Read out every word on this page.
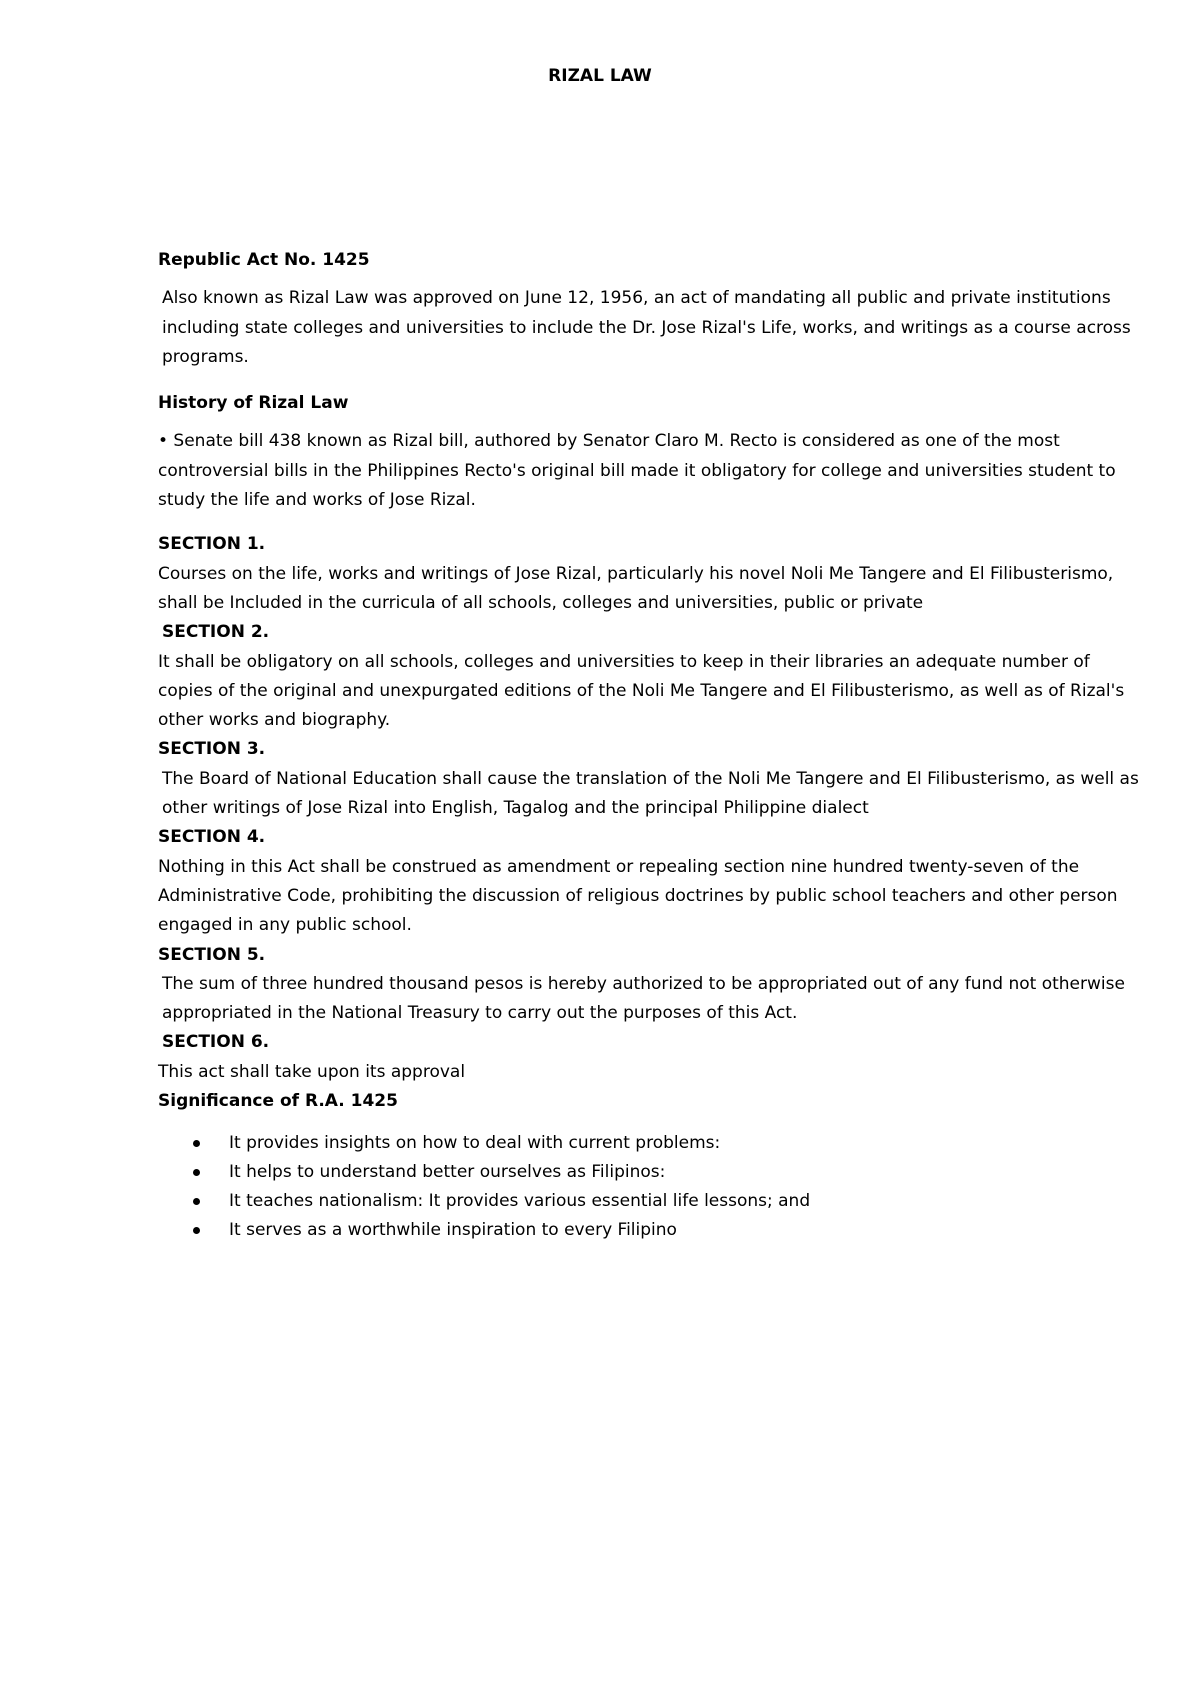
RIZAL LAW

Republic Act No. 1425

Also known as Rizal Law was approved on June 12, 1956, an act of mandating all public and private institutions including state colleges and universities to include the Dr. Jose Rizal's Life, works, and writings as a course across programs.

History of Rizal Law

• Senate bill 438 known as Rizal bill, authored by Senator Claro M. Recto is considered as one of the most controversial bills in the Philippines Recto's original bill made it obligatory for college and universities student to study the life and works of Jose Rizal.

SECTION 1.

Courses on the life, works and writings of Jose Rizal, particularly his novel Noli Me Tangere and El Filibusterismo, shall be Included in the curricula of all schools, colleges and universities, public or private

SECTION 2.

It shall be obligatory on all schools, colleges and universities to keep in their libraries an adequate number of copies of the original and unexpurgated editions of the Noli Me Tangere and El Filibusterismo, as well as of Rizal's other works and biography.

SECTION 3.

The Board of National Education shall cause the translation of the Noli Me Tangere and El Filibusterismo, as well as other writings of Jose Rizal into English, Tagalog and the principal Philippine dialect

SECTION 4.

Nothing in this Act shall be construed as amendment or repealing section nine hundred twenty-seven of the Administrative Code, prohibiting the discussion of religious doctrines by public school teachers and other person engaged in any public school.

SECTION 5.

The sum of three hundred thousand pesos is hereby authorized to be appropriated out of any fund not otherwise appropriated in the National Treasury to carry out the purposes of this Act.

SECTION 6.

This act shall take upon its approval

Significance of R.A. 1425

It provides insights on how to deal with current problems:
It helps to understand better ourselves as Filipinos:
It teaches nationalism: It provides various essential life lessons; and
It serves as a worthwhile inspiration to every Filipino
